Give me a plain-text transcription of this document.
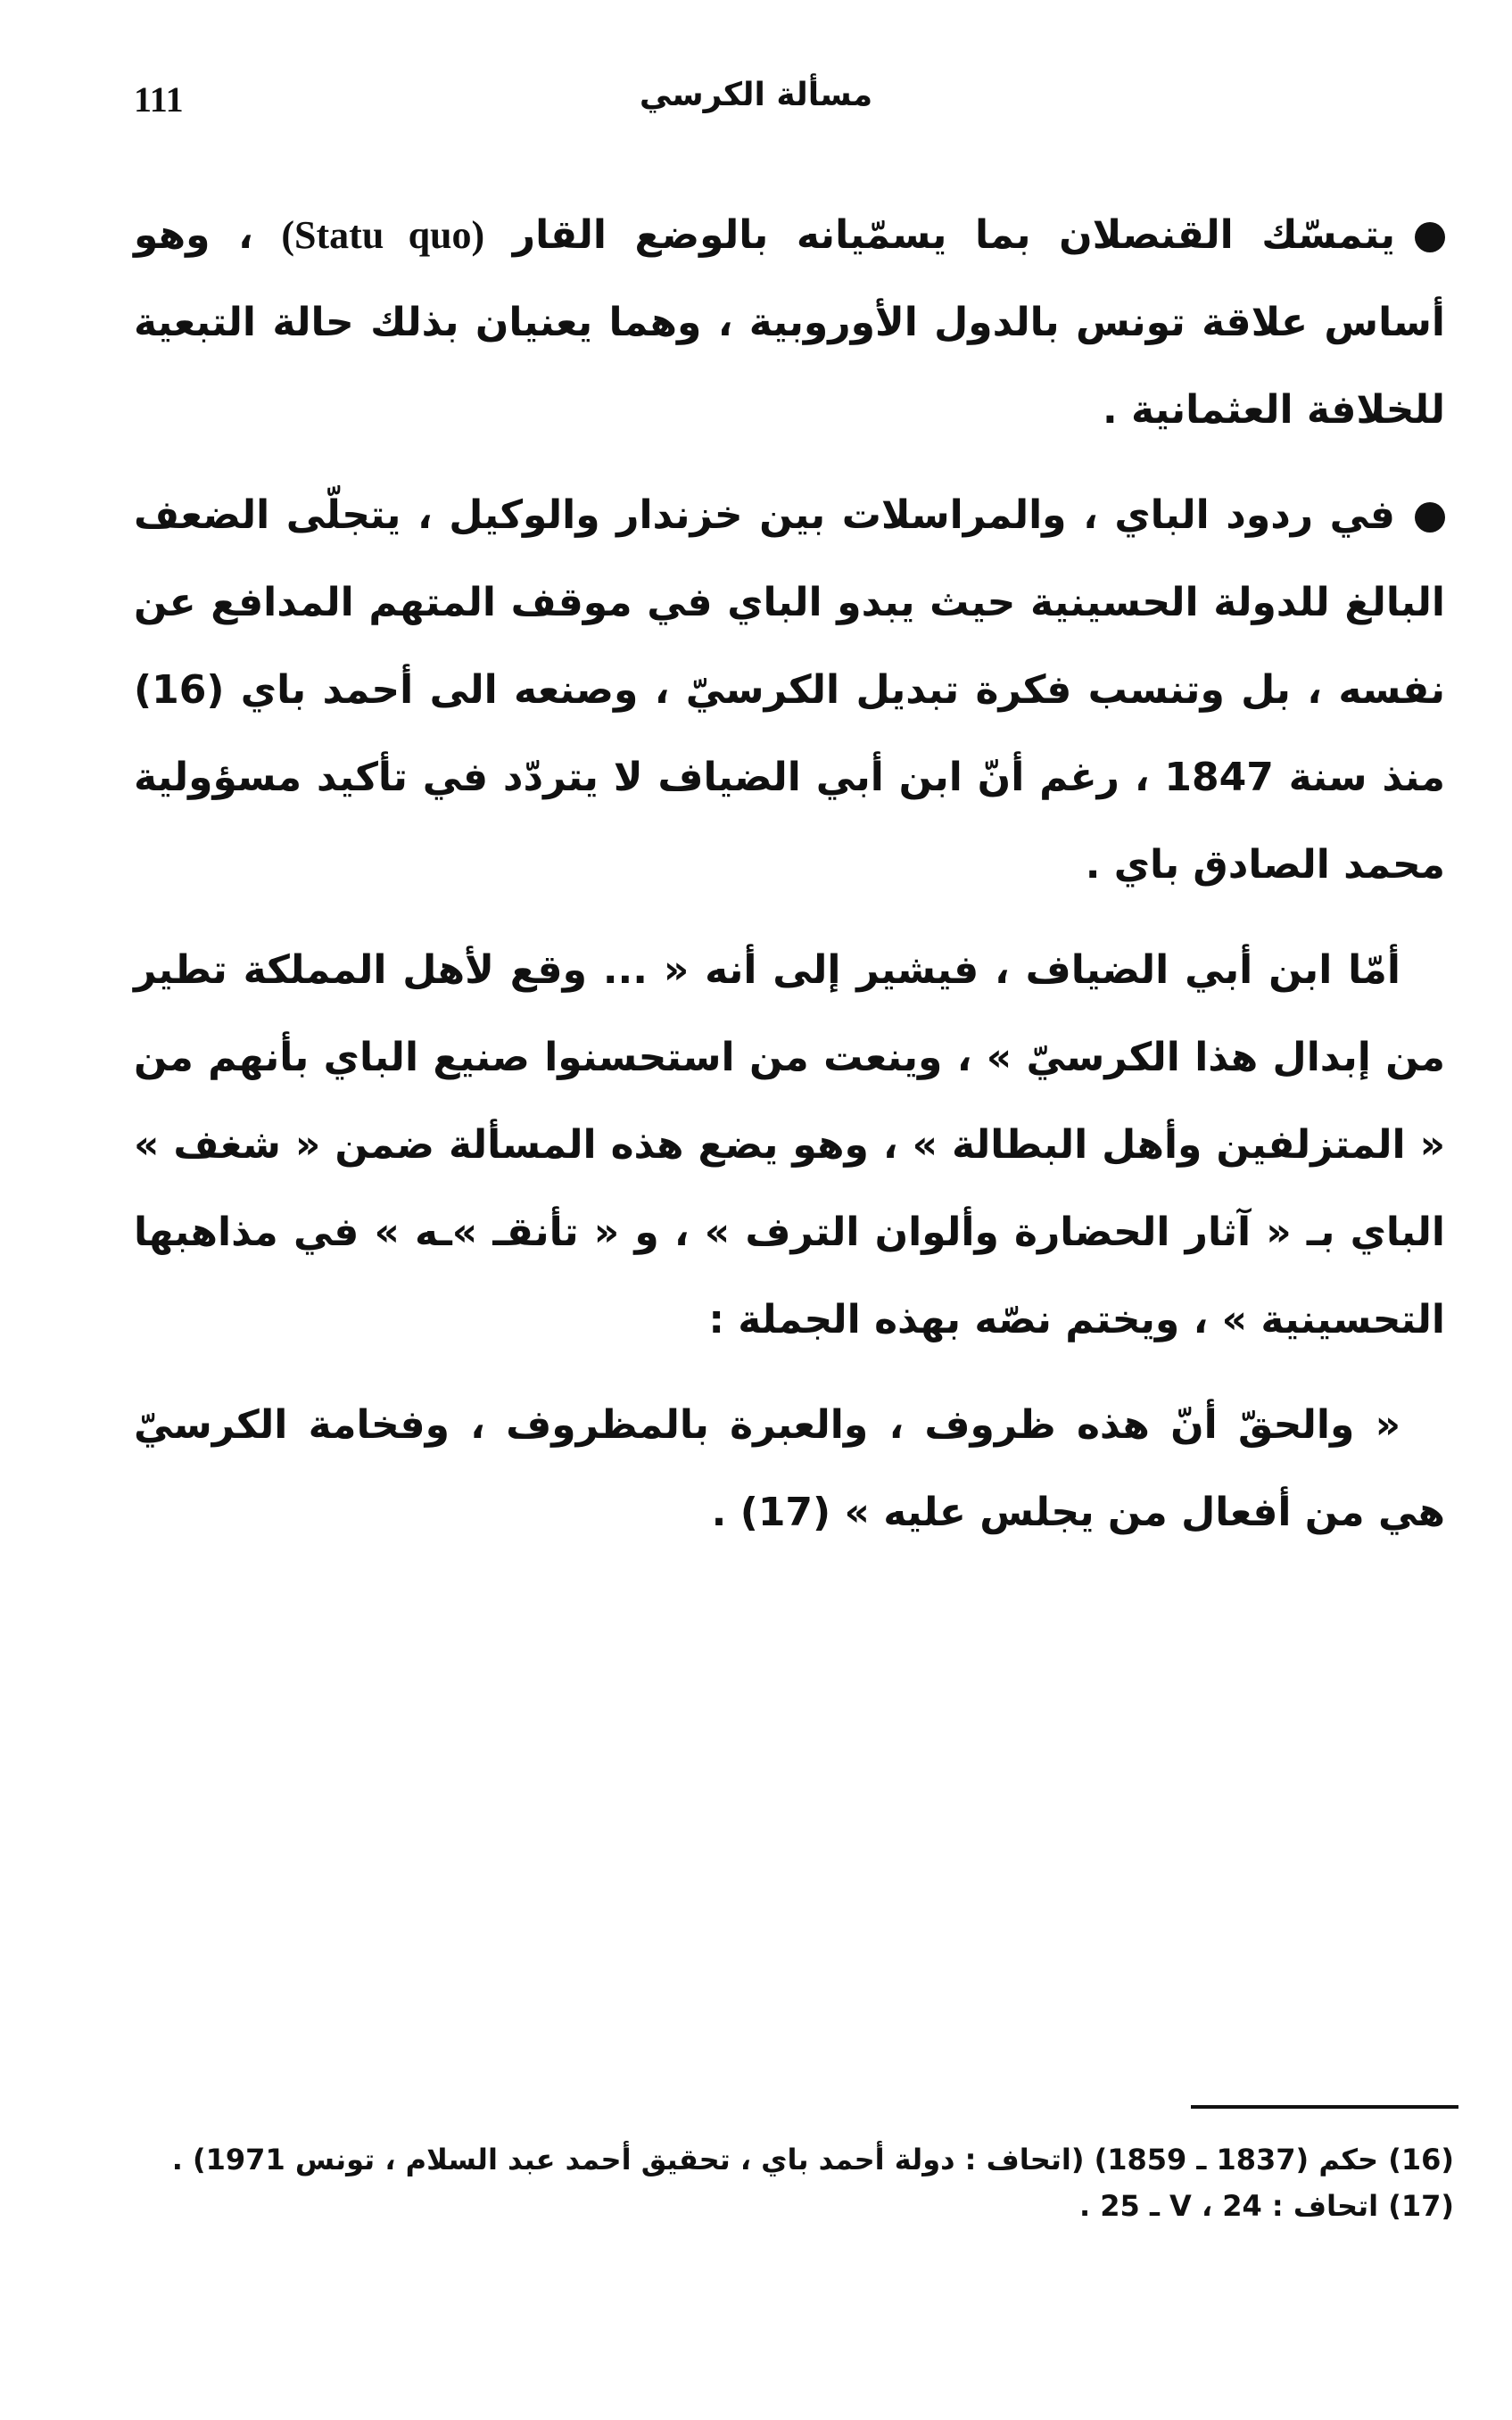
111	مسألة الكرسي

يتمسّك القنصلان بما يسمّيانه بالوضع القار (Statu quo) ، وهو أساس علاقة تونس بالدول الأوروبية ، وهما يعنيان بذلك حالة التبعية للخلافة العثمانية .

في ردود الباي ، والمراسلات بين خزندار والوكيل ، يتجلّى الضعف البالغ للدولة الحسينية حيث يبدو الباي في موقف المتهم المدافع عن نفسه ، بل وتنسب فكرة تبديل الكرسيّ ، وصنعه الى أحمد باي (16) منذ سنة 1847 ، رغم أنّ ابن أبي الضياف لا يتردّد في تأكيد مسؤولية محمد الصادق باي .

أمّا ابن أبي الضياف ، فيشير إلى أنه « ... وقع لأهل المملكة تطير من إبدال هذا الكرسيّ » ، وينعت من استحسنوا صنيع الباي بأنهم من « المتزلفين وأهل البطالة » ، وهو يضع هذه المسألة ضمن « شغف » الباي بـ « آثار الحضارة وألوان الترف » ، و « تأنقـ »ـه » في مذاهبها التحسينية » ، ويختم نصّه بهذه الجملة :

« والحقّ أنّ هذه ظروف ، والعبرة بالمظروف ، وفخامة الكرسيّ هي من أفعال من يجلس عليه » (17) .

(16) حكم (1837 ـ 1859) (اتحاف : دولة أحمد باي ، تحقيق أحمد عبد السلام ، تونس 1971) .
(17) اتحاف : V ، 24 ـ 25 .
